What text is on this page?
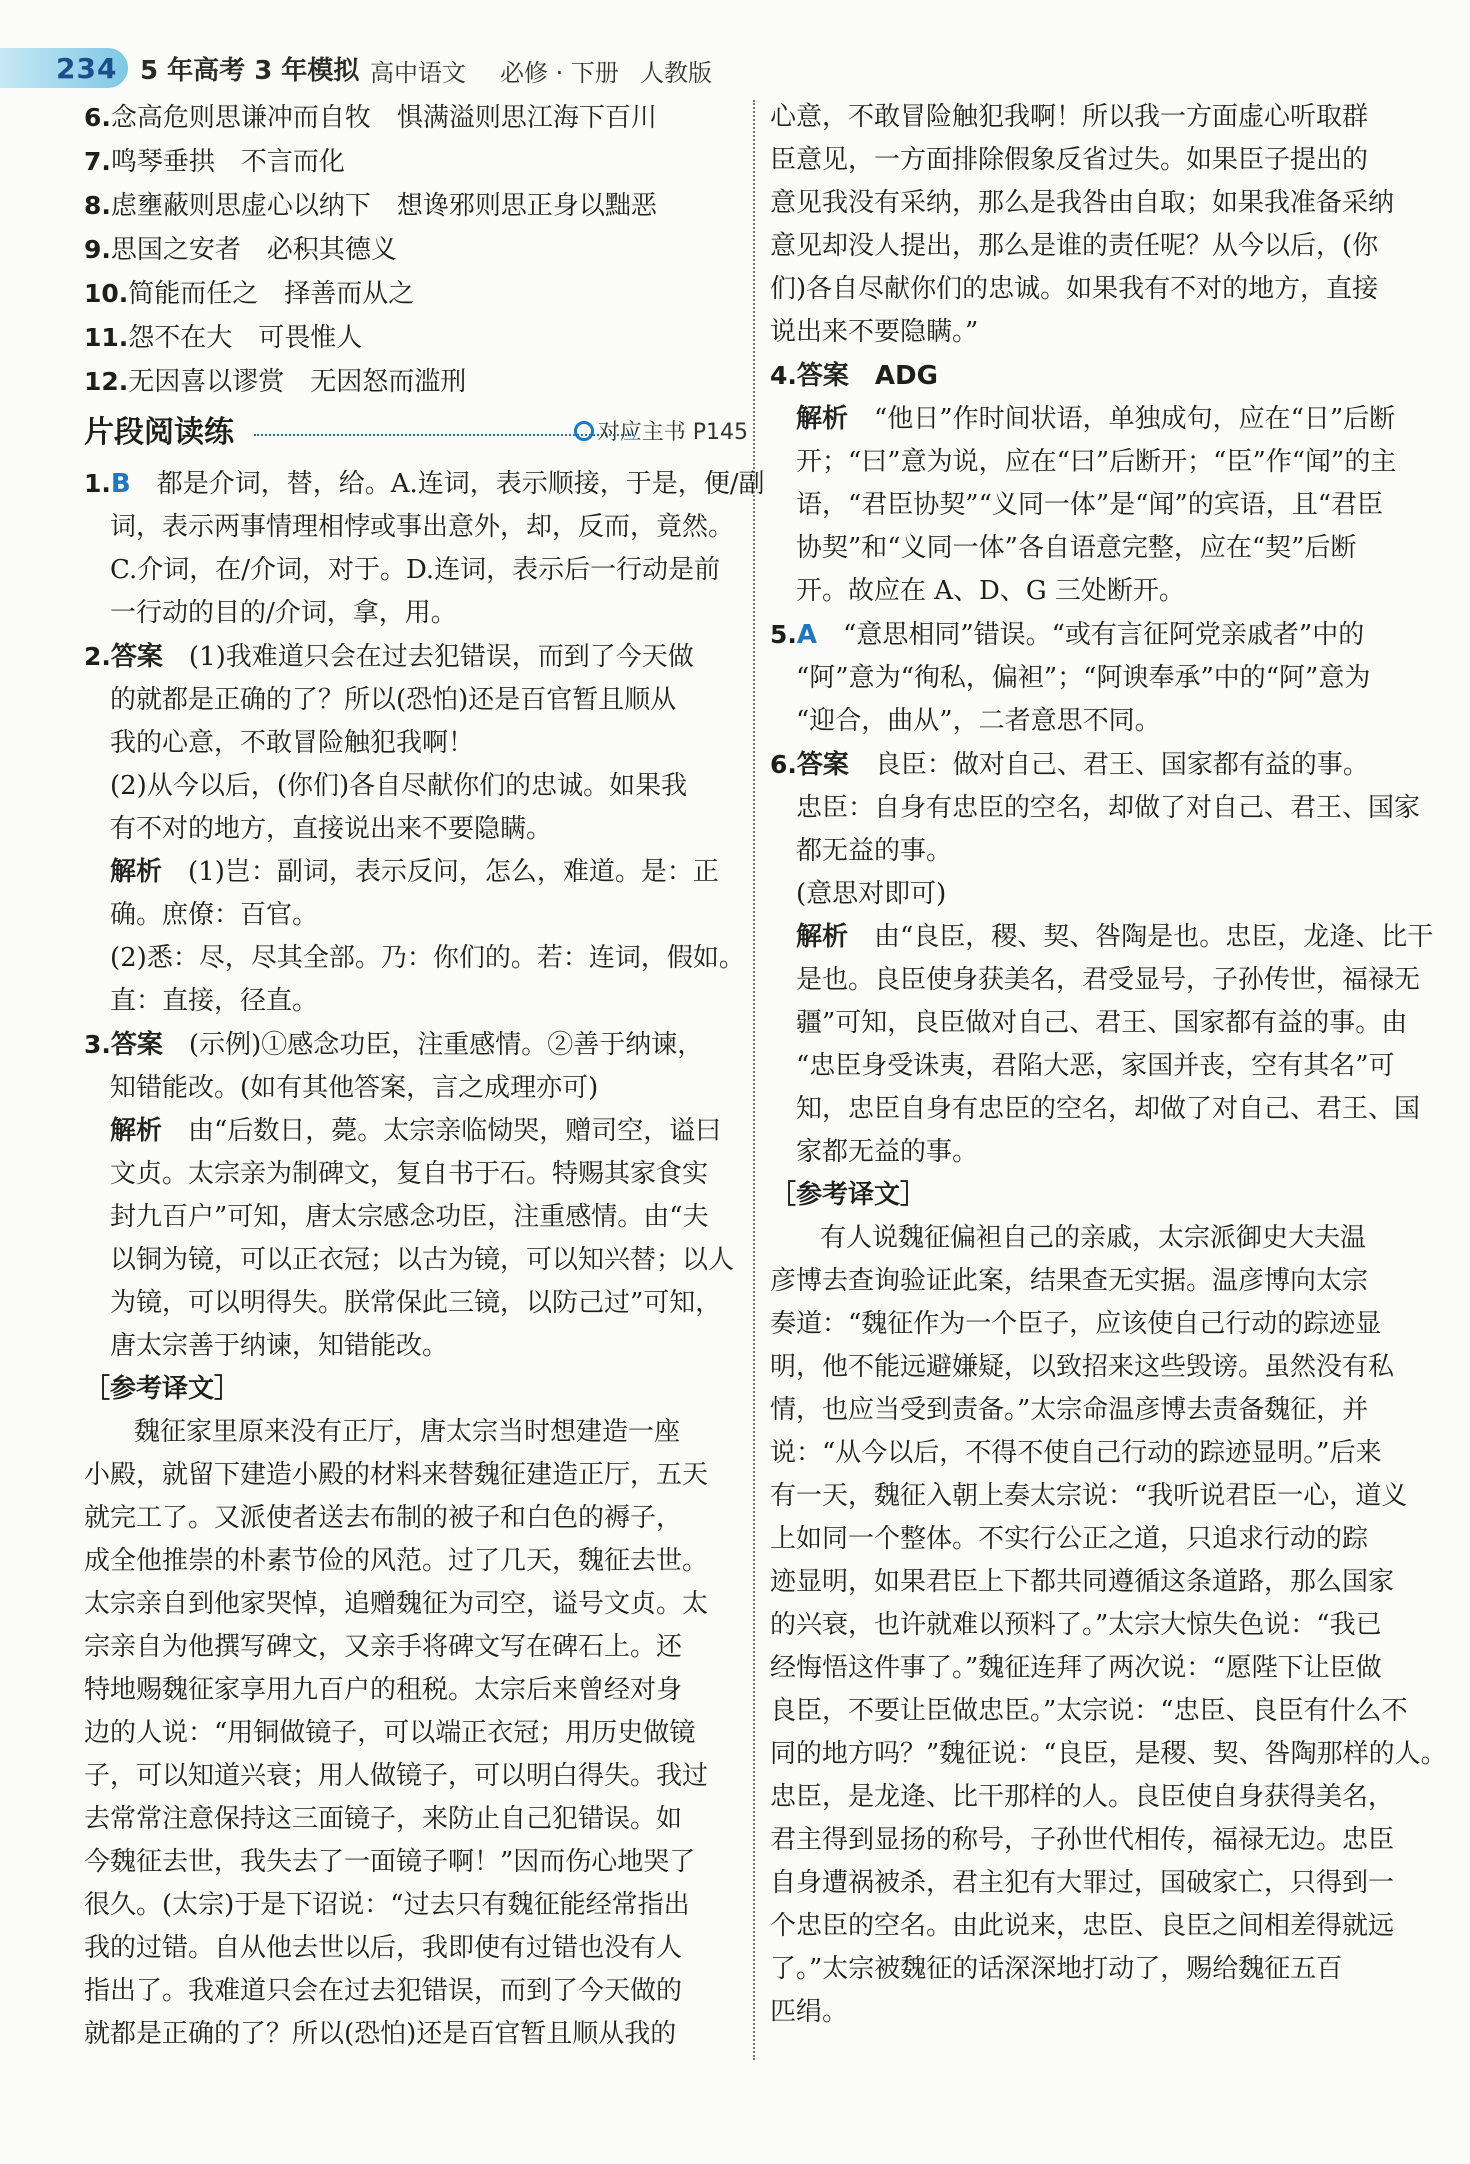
234 5 年高考 3 年模拟 高中语文 必修 · 下册 人教版
6.念高危则思谦冲而自牧　惧满溢则思江海下百川
7.鸣琴垂拱　不言而化
8.虑壅蔽则思虚心以纳下　想谗邪则思正身以黜恶
9.思国之安者　必积其德义
10.简能而任之　择善而从之
11.怨不在大　可畏惟人
12.无因喜以谬赏　无因怒而滥刑
片段阅读练	对应主书 P145
1.B　都是介词，替，给。A.连词，表示顺接，于是，便/副
词，表示两事情理相悖或事出意外，却，反而，竟然。
C.介词，在/介词，对于。D.连词，表示后一行动是前
一行动的目的/介词，拿，用。
2.答案　(1)我难道只会在过去犯错误，而到了今天做
的就都是正确的了？所以(恐怕)还是百官暂且顺从
我的心意，不敢冒险触犯我啊！
(2)从今以后，(你们)各自尽献你们的忠诚。如果我
有不对的地方，直接说出来不要隐瞒。
解析　(1)岂：副词，表示反问，怎么，难道。是：正
确。庶僚：百官。
(2)悉：尽，尽其全部。乃：你们的。若：连词，假如。
直：直接，径直。
3.答案　(示例)①感念功臣，注重感情。②善于纳谏，
知错能改。(如有其他答案，言之成理亦可)
解析　由“后数日，薨。太宗亲临恸哭，赠司空，谥曰
文贞。太宗亲为制碑文，复自书于石。特赐其家食实
封九百户”可知，唐太宗感念功臣，注重感情。由“夫
以铜为镜，可以正衣冠；以古为镜，可以知兴替；以人
为镜，可以明得失。朕常保此三镜，以防己过”可知，
唐太宗善于纳谏，知错能改。
［参考译文］
魏征家里原来没有正厅，唐太宗当时想建造一座
小殿，就留下建造小殿的材料来替魏征建造正厅，五天
就完工了。又派使者送去布制的被子和白色的褥子，
成全他推崇的朴素节俭的风范。过了几天，魏征去世。
太宗亲自到他家哭悼，追赠魏征为司空，谥号文贞。太
宗亲自为他撰写碑文，又亲手将碑文写在碑石上。还
特地赐魏征家享用九百户的租税。太宗后来曾经对身
边的人说：“用铜做镜子，可以端正衣冠；用历史做镜
子，可以知道兴衰；用人做镜子，可以明白得失。我过
去常常注意保持这三面镜子，来防止自己犯错误。如
今魏征去世，我失去了一面镜子啊！”因而伤心地哭了
很久。(太宗)于是下诏说：“过去只有魏征能经常指出
我的过错。自从他去世以后，我即使有过错也没有人
指出了。我难道只会在过去犯错误，而到了今天做的
就都是正确的了？所以(恐怕)还是百官暂且顺从我的
心意，不敢冒险触犯我啊！所以我一方面虚心听取群
臣意见，一方面排除假象反省过失。如果臣子提出的
意见我没有采纳，那么是我咎由自取；如果我准备采纳
意见却没人提出，那么是谁的责任呢？从今以后，(你
们)各自尽献你们的忠诚。如果我有不对的地方，直接
说出来不要隐瞒。”
4.答案　ADG
解析　“他日”作时间状语，单独成句，应在“日”后断
开；“曰”意为说，应在“曰”后断开；“臣”作“闻”的主
语，“君臣协契”“义同一体”是“闻”的宾语，且“君臣
协契”和“义同一体”各自语意完整，应在“契”后断
开。故应在 A、D、G 三处断开。
5.A　“意思相同”错误。“或有言征阿党亲戚者”中的
“阿”意为“徇私，偏袒”；“阿谀奉承”中的“阿”意为
“迎合，曲从”，二者意思不同。
6.答案　良臣：做对自己、君王、国家都有益的事。
忠臣：自身有忠臣的空名，却做了对自己、君王、国家
都无益的事。
(意思对即可)
解析　由“良臣，稷、契、咎陶是也。忠臣，龙逄、比干
是也。良臣使身获美名，君受显号，子孙传世，福禄无
疆”可知，良臣做对自己、君王、国家都有益的事。由
“忠臣身受诛夷，君陷大恶，家国并丧，空有其名”可
知，忠臣自身有忠臣的空名，却做了对自己、君王、国
家都无益的事。
［参考译文］
有人说魏征偏袒自己的亲戚，太宗派御史大夫温
彦博去查询验证此案，结果查无实据。温彦博向太宗
奏道：“魏征作为一个臣子，应该使自己行动的踪迹显
明，他不能远避嫌疑，以致招来这些毁谤。虽然没有私
情，也应当受到责备。”太宗命温彦博去责备魏征，并
说：“从今以后，不得不使自己行动的踪迹显明。”后来
有一天，魏征入朝上奏太宗说：“我听说君臣一心，道义
上如同一个整体。不实行公正之道，只追求行动的踪
迹显明，如果君臣上下都共同遵循这条道路，那么国家
的兴衰，也许就难以预料了。”太宗大惊失色说：“我已
经悔悟这件事了。”魏征连拜了两次说：“愿陛下让臣做
良臣，不要让臣做忠臣。”太宗说：“忠臣、良臣有什么不
同的地方吗？”魏征说：“良臣，是稷、契、咎陶那样的人。
忠臣，是龙逄、比干那样的人。良臣使自身获得美名，
君主得到显扬的称号，子孙世代相传，福禄无边。忠臣
自身遭祸被杀，君主犯有大罪过，国破家亡，只得到一
个忠臣的空名。由此说来，忠臣、良臣之间相差得就远
了。”太宗被魏征的话深深地打动了，赐给魏征五百
匹绢。
